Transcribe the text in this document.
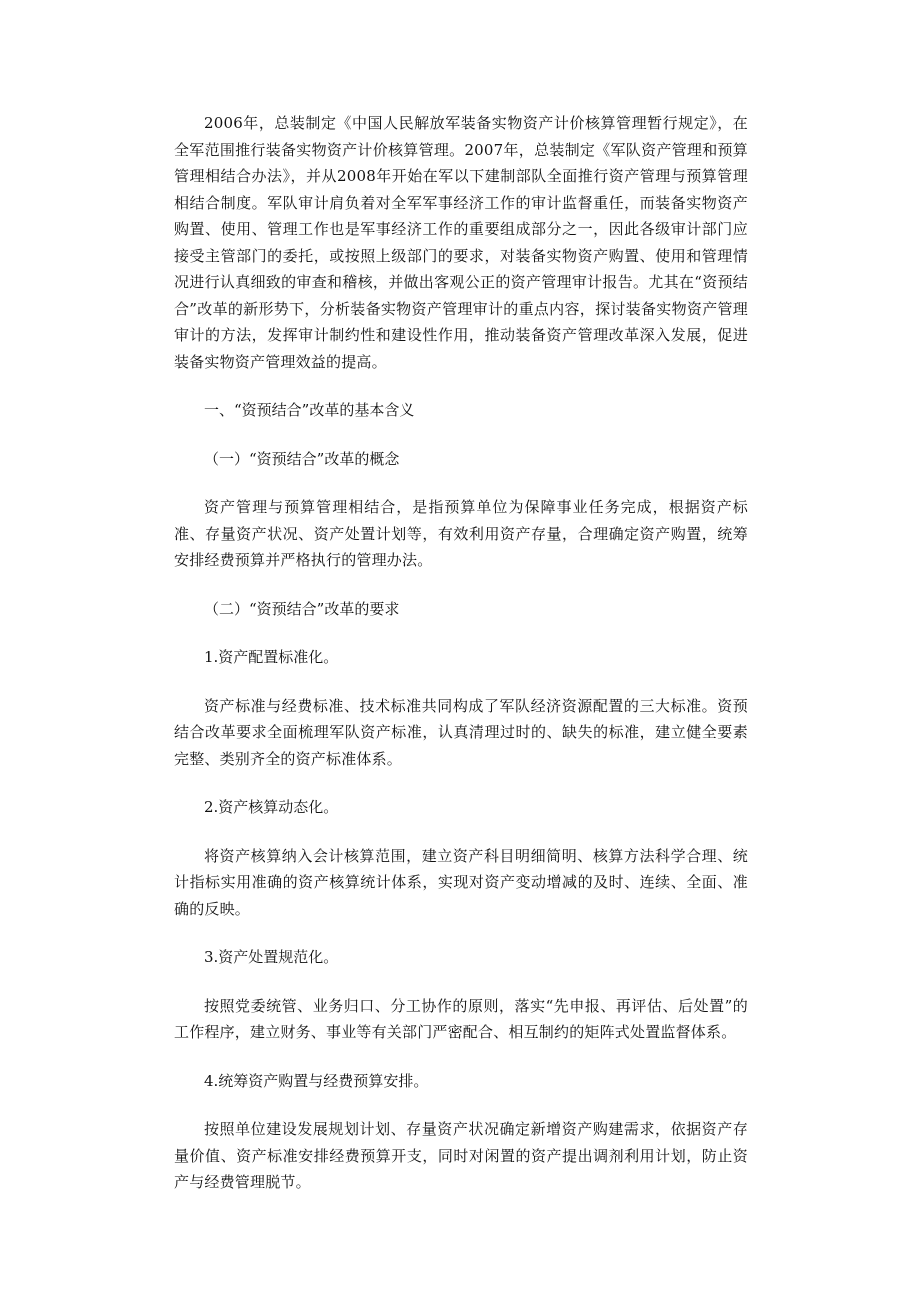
2006年，总装制定《中国人民解放军装备实物资产计价核算管理暂行规定》，在全军范围推行装备实物资产计价核算管理。2007年，总装制定《军队资产管理和预算管理相结合办法》，并从2008年开始在军以下建制部队全面推行资产管理与预算管理相结合制度。军队审计肩负着对全军军事经济工作的审计监督重任，而装备实物资产购置、使用、管理工作也是军事经济工作的重要组成部分之一，因此各级审计部门应接受主管部门的委托，或按照上级部门的要求，对装备实物资产购置、使用和管理情况进行认真细致的审查和稽核，并做出客观公正的资产管理审计报告。尤其在“资预结合”改革的新形势下，分析装备实物资产管理审计的重点内容，探讨装备实物资产管理审计的方法，发挥审计制约性和建设性作用，推动装备资产管理改革深入发展，促进装备实物资产管理效益的提高。

一、“资预结合”改革的基本含义

（一）“资预结合”改革的概念

资产管理与预算管理相结合，是指预算单位为保障事业任务完成，根据资产标准、存量资产状况、资产处置计划等，有效利用资产存量，合理确定资产购置，统筹安排经费预算并严格执行的管理办法。

（二）“资预结合”改革的要求

1.资产配置标准化。

资产标准与经费标准、技术标准共同构成了军队经济资源配置的三大标准。资预结合改革要求全面梳理军队资产标准，认真清理过时的、缺失的标准，建立健全要素完整、类别齐全的资产标准体系。

2.资产核算动态化。

将资产核算纳入会计核算范围，建立资产科目明细简明、核算方法科学合理、统计指标实用准确的资产核算统计体系，实现对资产变动增减的及时、连续、全面、准确的反映。

3.资产处置规范化。

按照党委统管、业务归口、分工协作的原则，落实“先申报、再评估、后处置”的工作程序，建立财务、事业等有关部门严密配合、相互制约的矩阵式处置监督体系。

4.统筹资产购置与经费预算安排。

按照单位建设发展规划计划、存量资产状况确定新增资产购建需求，依据资产存量价值、资产标准安排经费预算开支，同时对闲置的资产提出调剂利用计划，防止资产与经费管理脱节。
